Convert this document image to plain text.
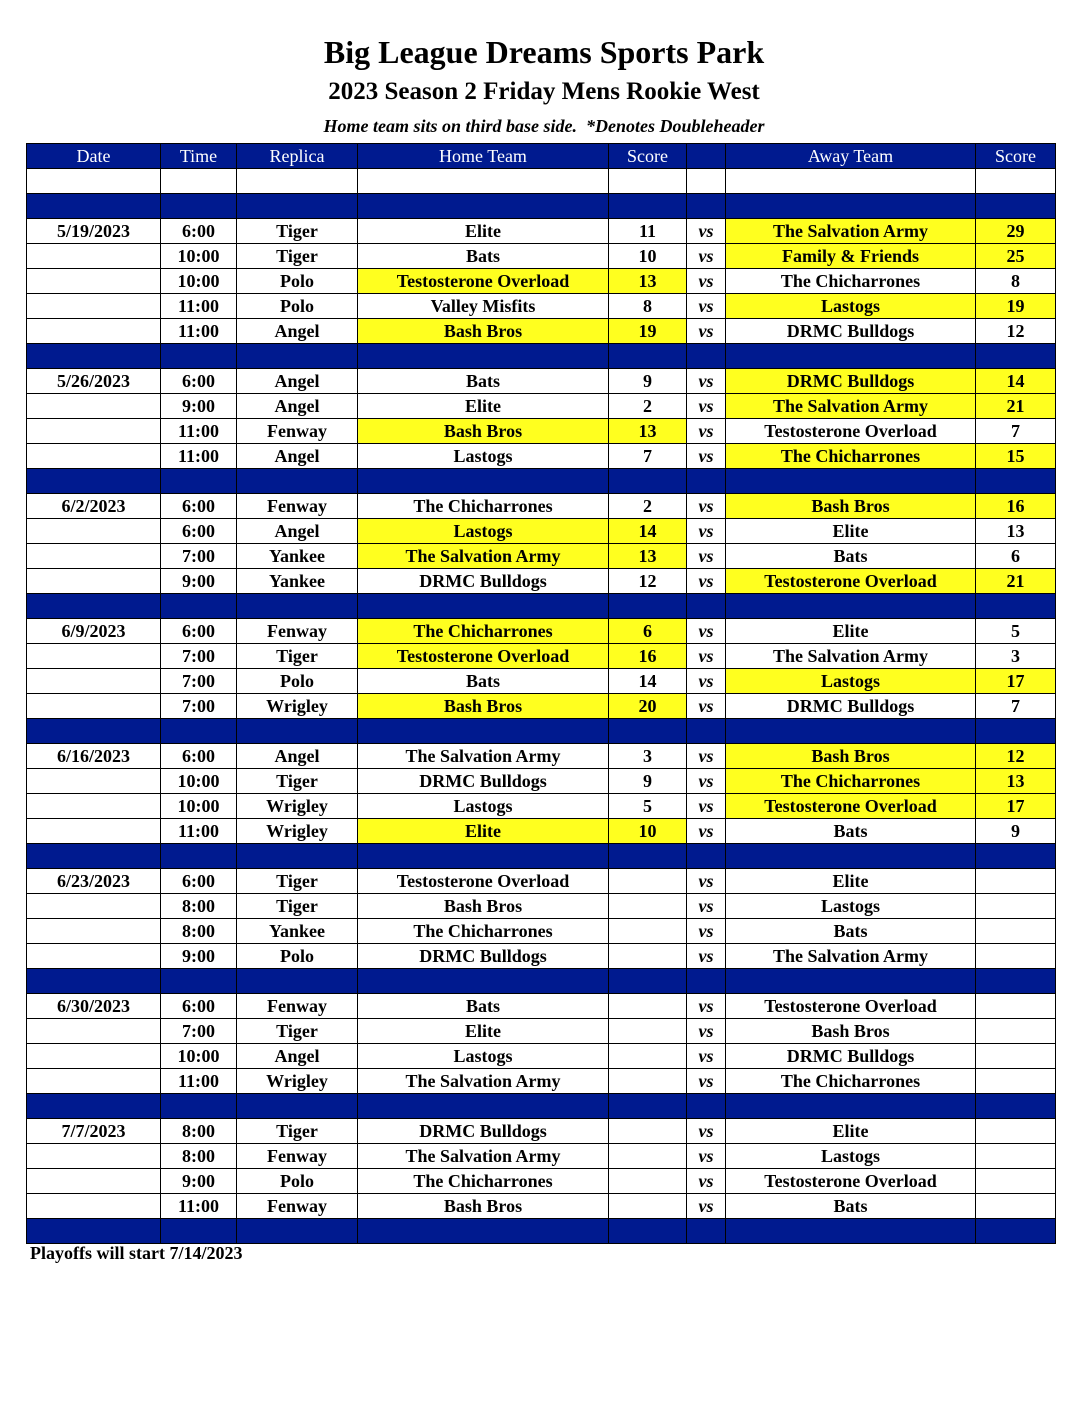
Big League Dreams Sports Park
2023 Season 2 Friday Mens Rookie West
Home team sits on third base side.  *Denotes Doubleheader
Date	Time	Replica	Home Team	Score		Away Team	Score

5/19/2023	6:00	Tiger	Elite	11	vs	The Salvation Army	29
	10:00	Tiger	Bats	10	vs	Family & Friends	25
	10:00	Polo	Testosterone Overload	13	vs	The Chicharrones	8
	11:00	Polo	Valley Misfits	8	vs	Lastogs	19
	11:00	Angel	Bash Bros	19	vs	DRMC Bulldogs	12

5/26/2023	6:00	Angel	Bats	9	vs	DRMC Bulldogs	14
	9:00	Angel	Elite	2	vs	The Salvation Army	21
	11:00	Fenway	Bash Bros	13	vs	Testosterone Overload	7
	11:00	Angel	Lastogs	7	vs	The Chicharrones	15

6/2/2023	6:00	Fenway	The Chicharrones	2	vs	Bash Bros	16
	6:00	Angel	Lastogs	14	vs	Elite	13
	7:00	Yankee	The Salvation Army	13	vs	Bats	6
	9:00	Yankee	DRMC Bulldogs	12	vs	Testosterone Overload	21

6/9/2023	6:00	Fenway	The Chicharrones	6	vs	Elite	5
	7:00	Tiger	Testosterone Overload	16	vs	The Salvation Army	3
	7:00	Polo	Bats	14	vs	Lastogs	17
	7:00	Wrigley	Bash Bros	20	vs	DRMC Bulldogs	7

6/16/2023	6:00	Angel	The Salvation Army	3	vs	Bash Bros	12
	10:00	Tiger	DRMC Bulldogs	9	vs	The Chicharrones	13
	10:00	Wrigley	Lastogs	5	vs	Testosterone Overload	17
	11:00	Wrigley	Elite	10	vs	Bats	9

6/23/2023	6:00	Tiger	Testosterone Overload		vs	Elite	
	8:00	Tiger	Bash Bros		vs	Lastogs	
	8:00	Yankee	The Chicharrones		vs	Bats	
	9:00	Polo	DRMC Bulldogs		vs	The Salvation Army	

6/30/2023	6:00	Fenway	Bats		vs	Testosterone Overload	
	7:00	Tiger	Elite		vs	Bash Bros	
	10:00	Angel	Lastogs		vs	DRMC Bulldogs	
	11:00	Wrigley	The Salvation Army		vs	The Chicharrones	

7/7/2023	8:00	Tiger	DRMC Bulldogs		vs	Elite	
	8:00	Fenway	The Salvation Army		vs	Lastogs	
	9:00	Polo	The Chicharrones		vs	Testosterone Overload	
	11:00	Fenway	Bash Bros		vs	Bats	

Playoffs will start 7/14/2023
